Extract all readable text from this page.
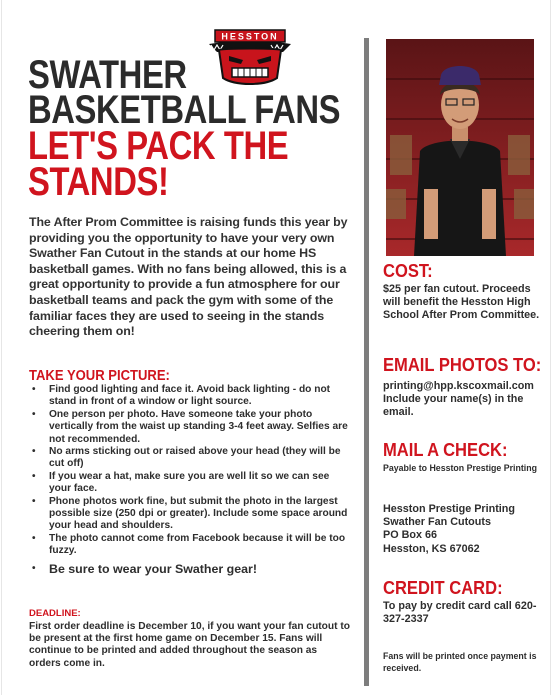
HESSTON
SWATHER
BASKETBALL FANS
LET'S PACK THE
STANDS!

The After Prom Committee is raising funds this year by providing you the opportunity to have your very own Swather Fan Cutout in the stands at our home HS basketball games. With no fans being allowed, this is a great opportunity to provide a fun atmosphere for our basketball teams and pack the gym with some of the familiar faces they are used to seeing in the stands cheering them on!

TAKE YOUR PICTURE:
• Find good lighting and face it. Avoid back lighting - do not stand in front of a window or light source.
• One person per photo. Have someone take your photo vertically from the waist up standing 3-4 feet away. Selfies are not recommended.
• No arms sticking out or raised above your head (they will be cut off)
• If you wear a hat, make sure you are well lit so we can see your face.
• Phone photos work fine, but submit the photo in the largest possible size (250 dpi or greater). Include some space around your head and shoulders.
• The photo cannot come from Facebook because it will be too fuzzy.
• Be sure to wear your Swather gear!
DEADLINE:

First order deadline is December 10, if you want your fan cutout to be present at the first home game on December 15. Fans will continue to be printed and added throughout the season as orders come in.

COST:

$25 per fan cutout. Proceeds will benefit the Hesston High School After Prom Committee.

EMAIL PHOTOS TO:

printing@hpp.kscoxmail.com Include your name(s) in the email.

MAIL A CHECK:

Payable to Hesston Prestige Printing

Hesston Prestige Printing
Swather Fan Cutouts
PO Box 66
Hesston, KS 67062
CREDIT CARD:

To pay by credit card call 620-327-2337

Fans will be printed once payment is received.
